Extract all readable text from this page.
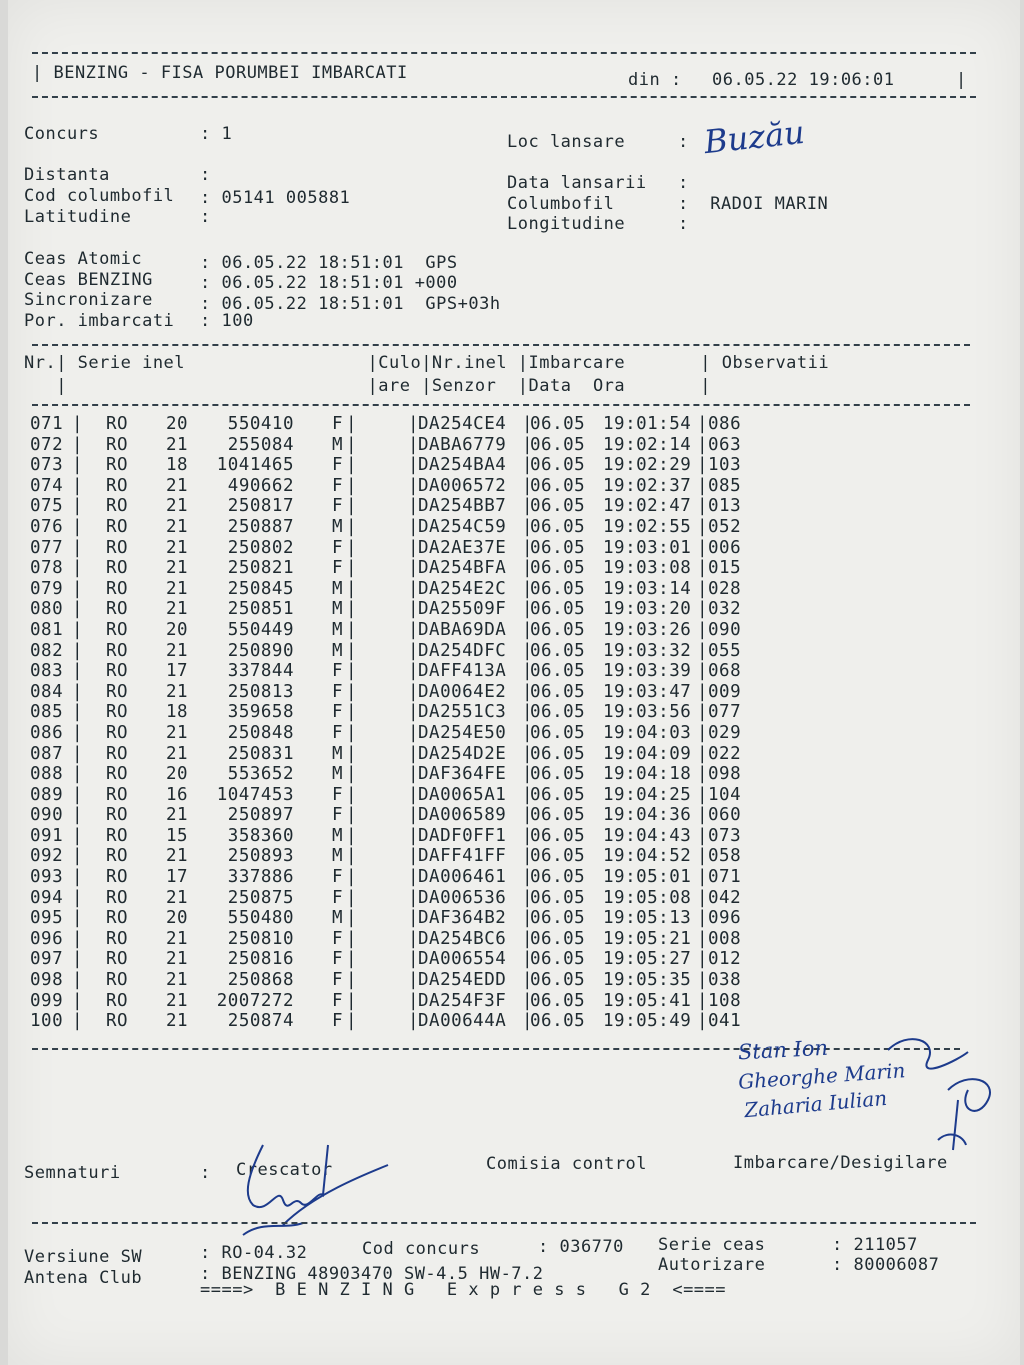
| BENZING - FISA PORUMBEI IMBARCATI	din : 06.05.22 19:06:01	|
Concurs	: 1	Loc lansare	: Buzău
Distanta	:
Cod columbofil : 05141 005881
Latitudine	:
Data lansarii :
Columbofil	:  RADOI MARIN
Longitudine	:
Ceas Atomic	: 06.05.22 18:51:01  GPS
Ceas BENZING	: 06.05.22 18:51:01 +000
Sincronizare	: 06.05.22 18:51:01  GPS+03h
Por. imbarcati : 100
Nr.| Serie inel                 |Culo|Nr.inel |Imbarcare       | Observatii
|                            |are |Senzor  |Data  Ora       |
071 RO 20	550410 F	DA254CE4 06.05 19:01:54 086
|	|	|	|	|
072 RO 21	255084 M	DABA6779 06.05 19:02:14 063
|	|	|	|	|
073 RO 18	1041465 F	DA254BA4 06.05 19:02:29 103
|	|	|	|	|
074 RO 21	490662 F	DA006572 06.05 19:02:37 085
|	|	|	|	|
075 RO 21	250817 F	DA254BB7 06.05 19:02:47 013
|	|	|	|	|
076 RO 21	250887 M	DA254C59 06.05 19:02:55 052
|	|	|	|	|
077 RO 21	250802 F	DA2AE37E 06.05 19:03:01 006
|	|	|	|	|
078 RO 21	250821 F	DA254BFA 06.05 19:03:08 015
|	|	|	|	|
079 RO 21	250845 M	DA254E2C 06.05 19:03:14 028
|	|	|	|	|
080 RO 21	250851 M	DA25509F 06.05 19:03:20 032
|	|	|	|	|
081 RO 20	550449 M	DABA69DA 06.05 19:03:26 090
|	|	|	|	|
082 RO 21	250890 M	DA254DFC 06.05 19:03:32 055
|	|	|	|	|
083 RO 17	337844 F	DAFF413A 06.05 19:03:39 068
|	|	|	|	|
084 RO 21	250813 F	DA0064E2 06.05 19:03:47 009
|	|	|	|	|
085 RO 18	359658 F	DA2551C3 06.05 19:03:56 077
|	|	|	|	|
086 RO 21	250848 F	DA254E50 06.05 19:04:03 029
|	|	|	|	|
087 RO 21	250831 M	DA254D2E 06.05 19:04:09 022
|	|	|	|	|
088 RO 20	553652 M	DAF364FE 06.05 19:04:18 098
|	|	|	|	|
089 RO 16	1047453 F	DA0065A1 06.05 19:04:25 104
|	|	|	|	|
090 RO 21	250897 F	DA006589 06.05 19:04:36 060
|	|	|	|	|
091 RO 15	358360 M	DADF0FF1 06.05 19:04:43 073
|	|	|	|	|
092 RO 21	250893 M	DAFF41FF 06.05 19:04:52 058
|	|	|	|	|
093 RO 17	337886 F	DA006461 06.05 19:05:01 071
|	|	|	|	|
094 RO 21	250875 F	DA006536 06.05 19:05:08 042
|	|	|	|	|
095 RO 20	550480 M	DAF364B2 06.05 19:05:13 096
|	|	|	|	|
096 RO 21	250810 F	DA254BC6 06.05 19:05:21 008
|	|	|	|	|
097 RO 21	250816 F	DA006554 06.05 19:05:27 012
|	|	|	|	|
098 RO 21	250868 F	DA254EDD 06.05 19:05:35 038
|	|	|	|	|
099 RO 21	2007272 F	DA254F3F 06.05 19:05:41 108
|	|	|	|	|
100 RO 21	250874 F	DA00644A 06.05 19:05:49 041
|	|	|	|	|
Stan Ion
Gheorghe Marin
Zaharia Iulian
Semnaturi	: Crescator	Comisia control	Imbarcare/Desigilare
Versiune SW	: RO-04.32	Cod concurs	: 036770 Serie ceas	: 211057
Antena Club	: BENZING 48903470 SW-4.5 HW-7.2	Autorizare	: 80006087
====>  B E N Z I N G   E x p r e s s   G 2  <====
